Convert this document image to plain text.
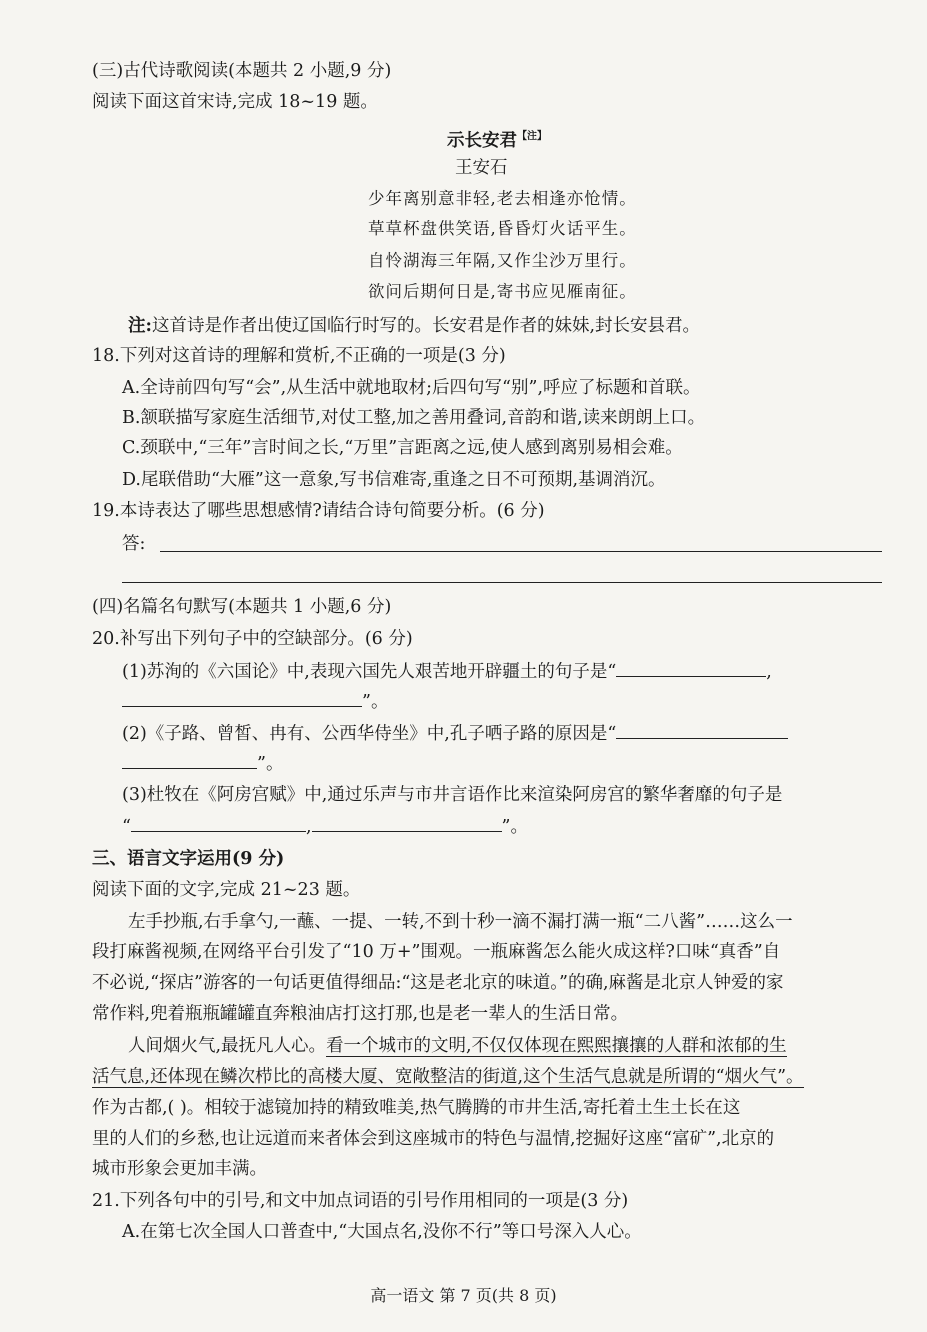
(三)古代诗歌阅读(本题共 2 小题,9 分)
阅读下面这首宋诗,完成 18~19 题。
示长安君$^{【注】}$
王安石
少年离别意非轻,老去相逢亦怆情。
草草杯盘供笑语,昏昏灯火话平生。
自怜湖海三年隔,又作尘沙万里行。
欲问后期何日是,寄书应见雁南征。
注:这首诗是作者出使辽国临行时写的。长安君是作者的妹妹,封长安县君。
18.下列对这首诗的理解和赏析,不正确的一项是(3 分)
A.全诗前四句写“会”,从生活中就地取材;后四句写“别”,呼应了标题和首联。
B.颔联描写家庭生活细节,对仗工整,加之善用叠词,音韵和谐,读来朗朗上口。
C.颈联中,“三年”言时间之长,“万里”言距离之远,使人感到离别易相会难。
D.尾联借助“大雁”这一意象,写书信难寄,重逢之日不可预期,基调消沉。
19.本诗表达了哪些思想感情?请结合诗句简要分析。(6 分)
答:
(四)名篇名句默写(本题共 1 小题,6 分)
20.补写出下列句子中的空缺部分。(6 分)
(1)苏洵的《六国论》中,表现六国先人艰苦地开辟疆土的句子是“	,
”。
(2)《子路、曾皙、冉有、公西华侍坐》中,孔子哂子路的原因是“
”。
(3)杜牧在《阿房宫赋》中,通过乐声与市井言语作比来渲染阿房宫的繁华奢靡的句子是
“	,	”。
三、语言文字运用(9 分)
阅读下面的文字,完成 21~23 题。
左手抄瓶,右手拿勺,一蘸、一提、一转,不到十秒一滴不漏打满一瓶“二八酱”……这么一
段打麻酱视频,在网络平台引发了“10 万+”围观。一瓶麻酱怎么能火成这样?口味“真香”自
不必说,“探店”游客的一句话更值得细品:“这是老北京的味道。”的确,麻酱是北京人钟爱的家
常作料,兜着瓶瓶罐罐直奔粮油店打这打那,也是老一辈人的生活日常。
人间烟火气,最抚凡人心。看一个城市的文明,不仅仅体现在熙熙攘攘的人群和浓郁的生
活气息,还体现在鳞次栉比的高楼大厦、宽敞整洁的街道,这个生活气息就是所谓的“烟火气”。
作为古都,( )。相较于滤镜加持的精致唯美,热气腾腾的市井生活,寄托着土生土长在这
里的人们的乡愁,也让远道而来者体会到这座城市的特色与温情,挖掘好这座“富矿”,北京的
城市形象会更加丰满。
21.下列各句中的引号,和文中加点词语的引号作用相同的一项是(3 分)
A.在第七次全国人口普查中,“大国点名,没你不行”等口号深入人心。
高一语文 第 7 页(共 8 页)
